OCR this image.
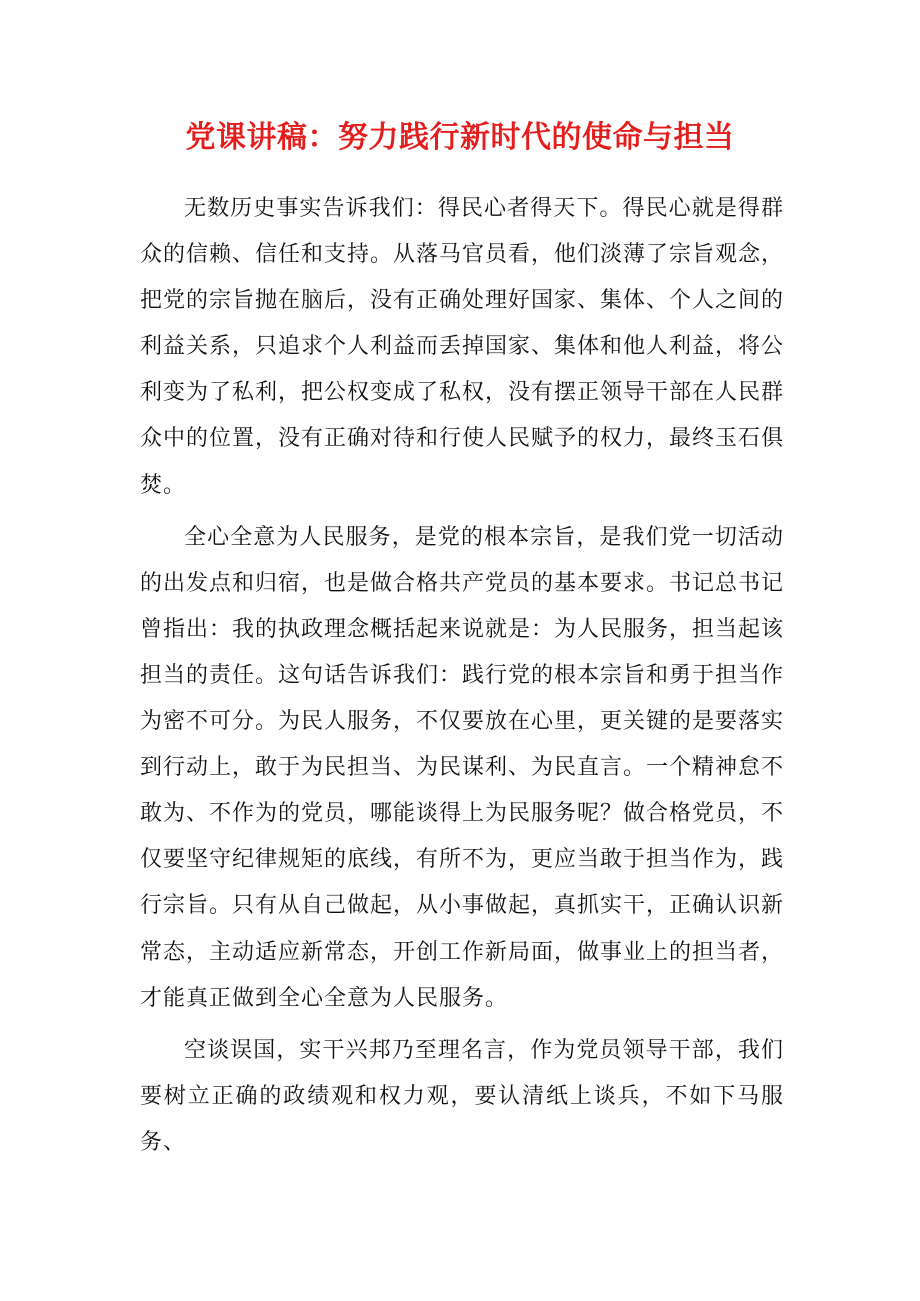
党课讲稿：努力践行新时代的使命与担当

无数历史事实告诉我们：得民心者得天下。得民心就是得群众的信赖、信任和支持。从落马官员看，他们淡薄了宗旨观念，把党的宗旨抛在脑后，没有正确处理好国家、集体、个人之间的利益关系，只追求个人利益而丢掉国家、集体和他人利益，将公利变为了私利，把公权变成了私权，没有摆正领导干部在人民群众中的位置，没有正确对待和行使人民赋予的权力，最终玉石俱焚。

全心全意为人民服务，是党的根本宗旨，是我们党一切活动的出发点和归宿，也是做合格共产党员的基本要求。书记总书记曾指出：我的执政理念概括起来说就是：为人民服务，担当起该担当的责任。这句话告诉我们：践行党的根本宗旨和勇于担当作为密不可分。为民人服务，不仅要放在心里，更关键的是要落实到行动上，敢于为民担当、为民谋利、为民直言。一个精神怠不敢为、不作为的党员，哪能谈得上为民服务呢？做合格党员，不仅要坚守纪律规矩的底线，有所不为，更应当敢于担当作为，践行宗旨。只有从自己做起，从小事做起，真抓实干，正确认识新常态，主动适应新常态，开创工作新局面，做事业上的担当者，才能真正做到全心全意为人民服务。

空谈误国，实干兴邦乃至理名言，作为党员领导干部，我们要树立正确的政绩观和权力观，要认清纸上谈兵，不如下马服务、
